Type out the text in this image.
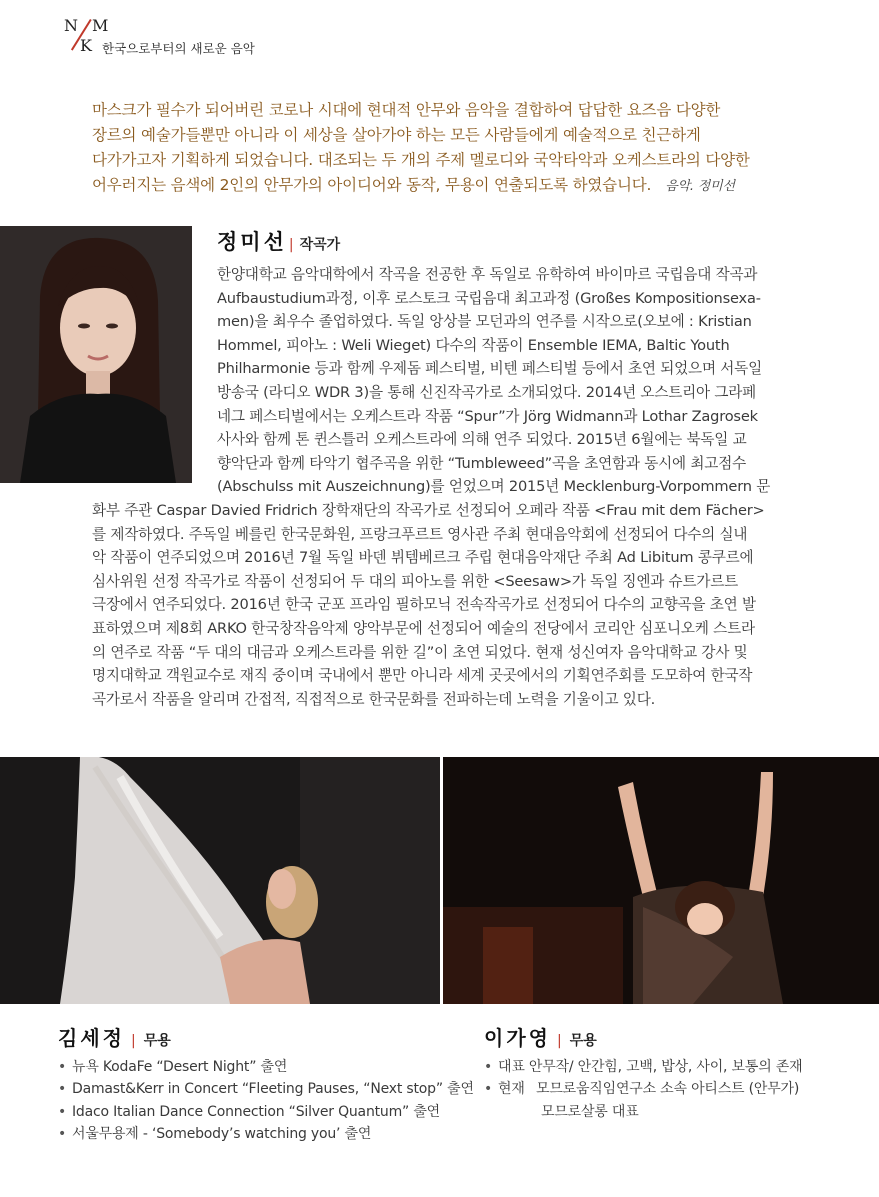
N M
K 한국으로부터의 새로운 음악
마스크가 필수가 되어버린 코로나 시대에 현대적 안무와 음악을 결합하여 답답한 요즈음 다양한
장르의 예술가들뿐만 아니라 이 세상을 살아가야 하는 모든 사람들에게 예술적으로 친근하게
다가가고자 기획하게 되었습니다. 대조되는 두 개의 주제 멜로디와 국악타악과 오케스트라의 다양한
어우러지는 음색에 2인의 안무가의 아이디어와 동작, 무용이 연출되도록 하였습니다. 음악. 정미선
정미선 | 작곡가
한양대학교 음악대학에서 작곡을 전공한 후 독일로 유학하여 바이마르 국립음대 작곡과
Aufbaustudium과정, 이후 로스토크 국립음대 최고과정 (Großes Kompositionsexa-
men)을 최우수 졸업하였다. 독일 앙상블 모던과의 연주를 시작으로(오보에 : Kristian
Hommel, 피아노 : Weli Wieget) 다수의 작품이 Ensemble IEMA, Baltic Youth
Philharmonie 등과 함께 우제돔 페스티벌, 비텐 페스티벌 등에서 초연 되었으며 서독일
방송국 (라디오 WDR 3)을 통해 신진작곡가로 소개되었다. 2014년 오스트리아 그라페
네그 페스티벌에서는 오케스트라 작품 “Spur”가 Jörg Widmann과 Lothar Zagrosek
사사와 함께 톤 퀸스틀러 오케스트라에 의해 연주 되었다. 2015년 6월에는 북독일 교
향악단과 함께 타악기 협주곡을 위한 “Tumbleweed”곡을 초연함과 동시에 최고점수
(Abschulss mit Auszeichnung)를 얻었으며 2015년 Mecklenburg-Vorpommern 문
화부 주관 Caspar Davied Fridrich 장학재단의 작곡가로 선정되어 오페라 작품 <Frau mit dem Fächer>
를 제작하였다. 주독일 베를린 한국문화원, 프랑크푸르트 영사관 주최 현대음악회에 선정되어 다수의 실내
악 작품이 연주되었으며 2016년 7월 독일 바덴 뷔템베르크 주립 현대음악재단 주최 Ad Libitum 콩쿠르에
심사위원 선정 작곡가로 작품이 선정되어 두 대의 피아노를 위한 <Seesaw>가 독일 징엔과 슈트가르트
극장에서 연주되었다. 2016년 한국 군포 프라임 필하모닉 전속작곡가로 선정되어 다수의 교향곡을 초연 발
표하였으며 제8회 ARKO 한국창작음악제 양악부문에 선정되어 예술의 전당에서 코리안 심포니오케 스트라
의 연주로 작품 “두 대의 대금과 오케스트라를 위한 길”이 초연 되었다. 현재 성신여자 음악대학교 강사 및
명지대학교 객원교수로 재직 중이며 국내에서 뿐만 아니라 세계 곳곳에서의 기획연주회를 도모하여 한국작
곡가로서 작품을 알리며 간접적, 직접적으로 한국문화를 전파하는데 노력을 기울이고 있다.
김세정 | 무용
• 뉴욕 KodaFe “Desert Night” 출연
• Damast&Kerr in Concert “Fleeting Pauses, “Next stop” 출연
• Idaco Italian Dance Connection “Silver Quantum” 출연
• 서울무용제 - ‘Somebody’s watching you’ 출연
이가영 | 무용
• 대표 안무작/ 안간힘, 고백, 밥상, 사이, 보통의 존재
• 현재 모므로움직임연구소 소속 아티스트 (안무가)
모므로살롱 대표
